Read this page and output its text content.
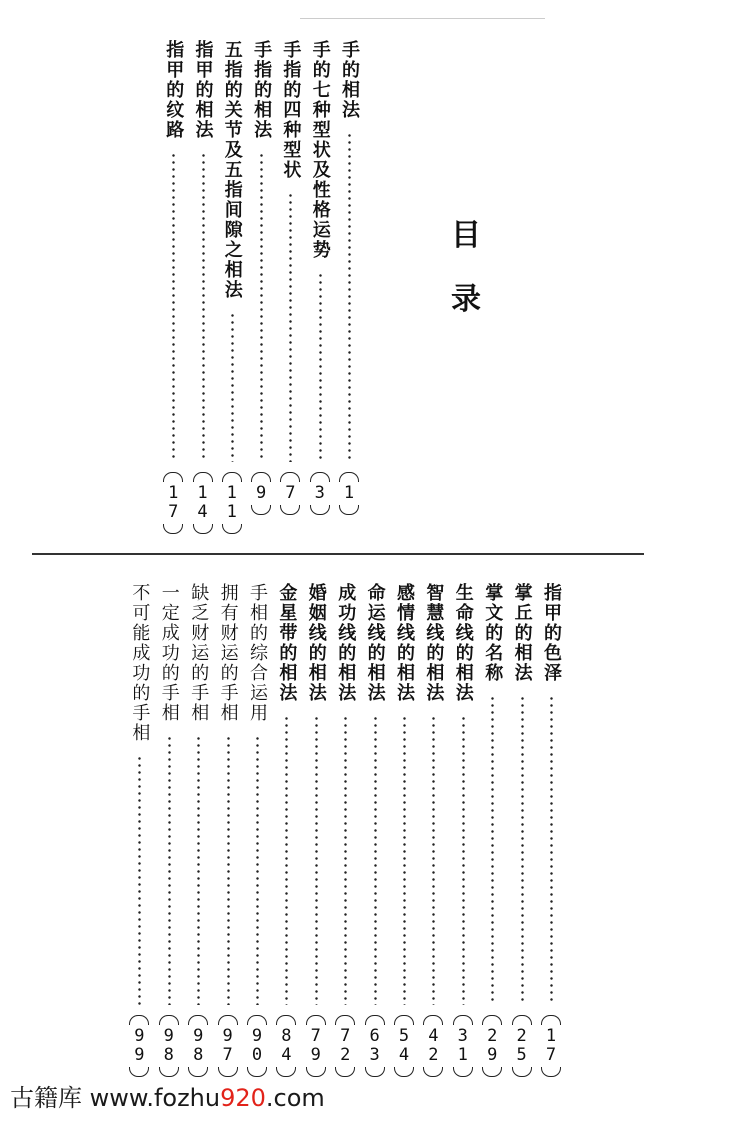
目
录
手的相法
1
手的七种型状及性格运势
3
手指的四种型状
7
手指的相法
9
五指的关节及五指间隙之相法
1
1
指甲的相法
1
4
指甲的纹路
1
7
指甲的色泽
1
7
掌丘的相法
2
5
掌文的名称
2
9
生命线的相法
3
1
智慧线的相法
4
2
感情线的相法
5
4
命运线的相法
6
3
成功线的相法
7
2
婚姻线的相法
7
9
金星带的相法
8
4
手相的综合运用
9
0
拥有财运的手相
9
7
缺乏财运的手相
9
8
一定成功的手相
9
8
不可能成功的手相
9
9
古籍库 www.fozhu920.com
